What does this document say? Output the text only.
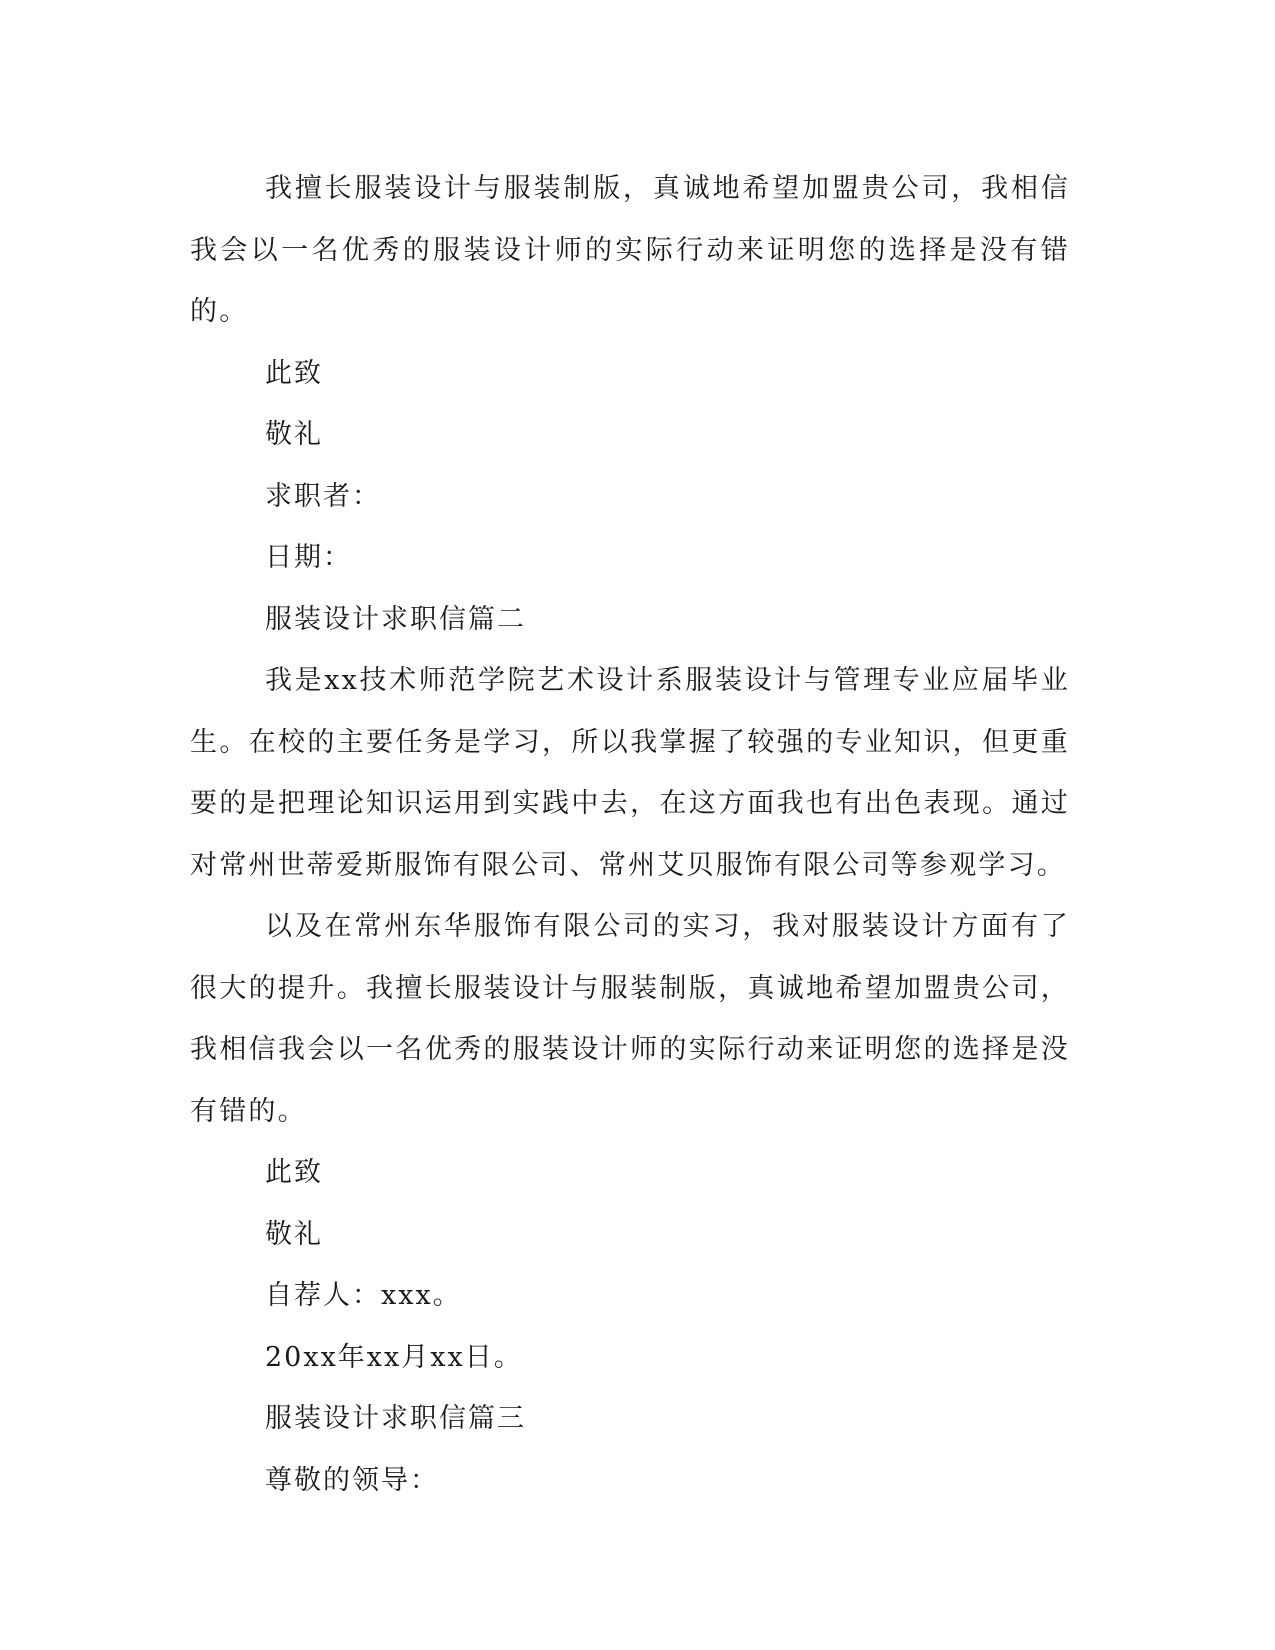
我擅长服装设计与服装制版，真诚地希望加盟贵公司，我相信我会以一名优秀的服装设计师的实际行动来证明您的选择是没有错的。

此致

敬礼

求职者：

日期：

服装设计求职信篇二

我是xx技术师范学院艺术设计系服装设计与管理专业应届毕业生。在校的主要任务是学习，所以我掌握了较强的专业知识，但更重要的是把理论知识运用到实践中去，在这方面我也有出色表现。通过对常州世蒂爱斯服饰有限公司、常州艾贝服饰有限公司等参观学习。

以及在常州东华服饰有限公司的实习，我对服装设计方面有了很大的提升。我擅长服装设计与服装制版，真诚地希望加盟贵公司，我相信我会以一名优秀的服装设计师的实际行动来证明您的选择是没有错的。

此致

敬礼

自荐人：xxx。

20xx年xx月xx日。

服装设计求职信篇三

尊敬的领导：
